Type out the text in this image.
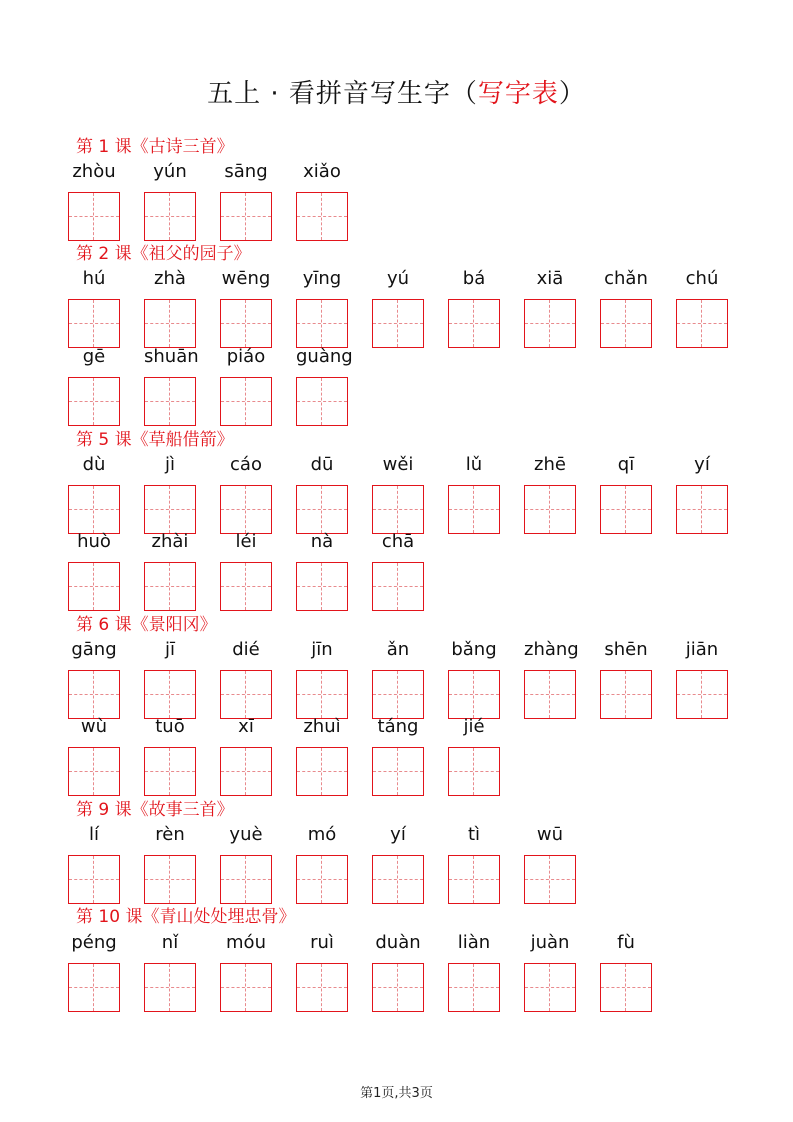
五上 · 看拼音写生字（写字表）
第 1 课《古诗三首》
zhòu	yún	sāng	xiǎo
第 2 课《祖父的园子》
hú	zhà	wēng	yīng	yú	bá	xiā	chǎn	chú
gē	shuān	piáo	guàng
第 5 课《草船借箭》
dù	jì	cáo	dū	wěi	lǔ	zhē	qī	yí
huò	zhài	léi	nà	chā
第 6 课《景阳冈》
gāng	jī	dié	jīn	ǎn	bǎng zhàng shēn	jiān
wù	tuō	xī	zhuì	táng	jié
第 9 课《故事三首》
lí	rèn	yuè	mó	yí	tì	wū
第 10 课《青山处处埋忠骨》
péng	nǐ	móu	ruì	duàn	liàn	juàn	fù
第1页,共3页
